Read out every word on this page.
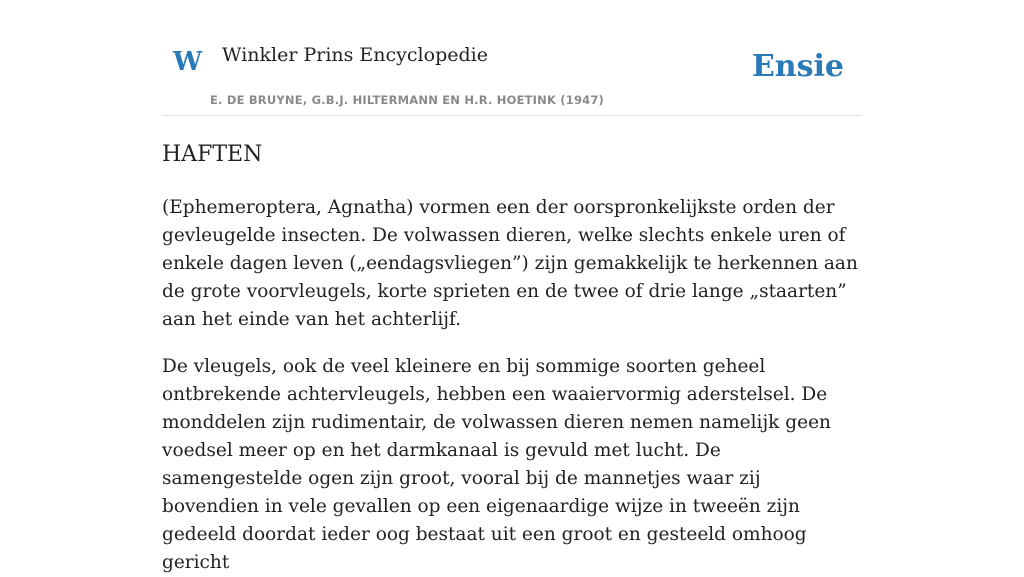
W Winkler Prins Encyclopedie
E. DE BRUYNE, G.B.J. HILTERMANN EN H.R. HOETINK (1947)
Ensie
HAFTEN

(Ephemeroptera, Agnatha) vormen een der oorspronkelijkste orden der gevleugelde insecten. De volwassen dieren, welke slechts enkele uren of enkele dagen leven („eendagsvliegen”) zijn gemakkelijk te herkennen aan de grote voorvleugels, korte sprieten en de twee of drie lange „staarten” aan het einde van het achterlijf.

De vleugels, ook de veel kleinere en bij sommige soorten geheel ontbrekende achtervleugels, hebben een waaiervormig aderstelsel. De monddelen zijn rudimentair, de volwassen dieren nemen namelijk geen voedsel meer op en het darmkanaal is gevuld met lucht. De samengestelde ogen zijn groot, vooral bij de mannetjes waar zij bovendien in vele gevallen op een eigenaardige wijze in tweeën zijn gedeeld doordat ieder oog bestaat uit een groot en gesteeld omhoog gericht
